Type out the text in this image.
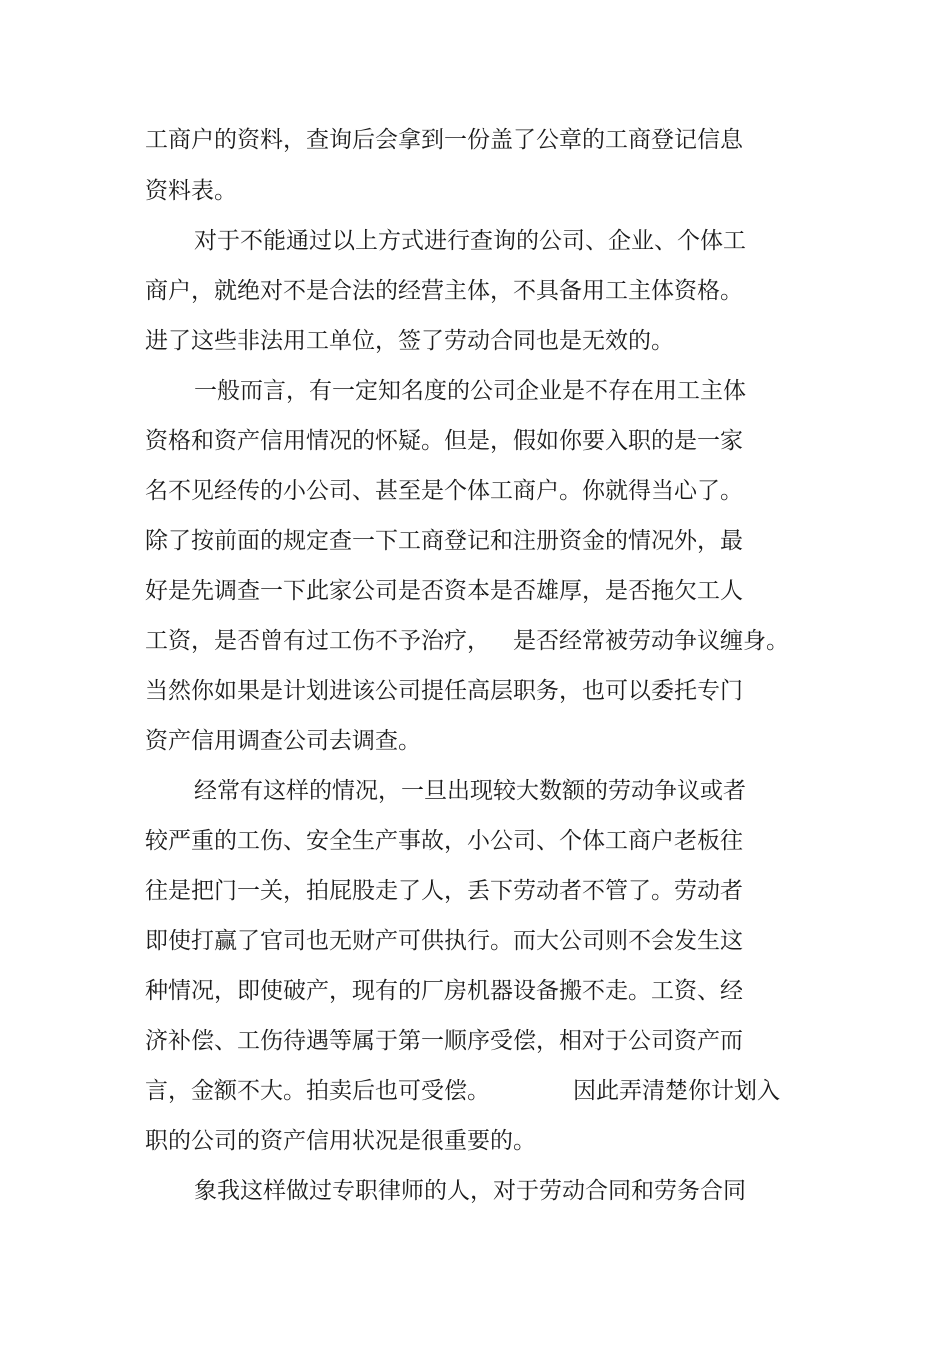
工商户的资料，查询后会拿到一份盖了公章的工商登记信息
资料表。
对于不能通过以上方式进行查询的公司、企业、个体工
商户，就绝对不是合法的经营主体，不具备用工主体资格。
进了这些非法用工单位，签了劳动合同也是无效的。
一般而言，有一定知名度的公司企业是不存在用工主体
资格和资产信用情况的怀疑。但是，假如你要入职的是一家
名不见经传的小公司、甚至是个体工商户。你就得当心了。
除了按前面的规定查一下工商登记和注册资金的情况外，最
好是先调查一下此家公司是否资本是否雄厚，是否拖欠工人
工资，是否曾有过工伤不予治疗， 是否经常被劳动争议缠身。
当然你如果是计划进该公司提任高层职务，也可以委托专门
资产信用调查公司去调查。
经常有这样的情况，一旦出现较大数额的劳动争议或者
较严重的工伤、安全生产事故，小公司、个体工商户老板往
往是把门一关，拍屁股走了人，丢下劳动者不管了。劳动者
即使打赢了官司也无财产可供执行。而大公司则不会发生这
种情况，即使破产，现有的厂房机器设备搬不走。工资、经
济补偿、工伤待遇等属于第一顺序受偿，相对于公司资产而
言，金额不大。拍卖后也可受偿。	因此弄清楚你计划入
职的公司的资产信用状况是很重要的。
象我这样做过专职律师的人，对于劳动合同和劳务合同
